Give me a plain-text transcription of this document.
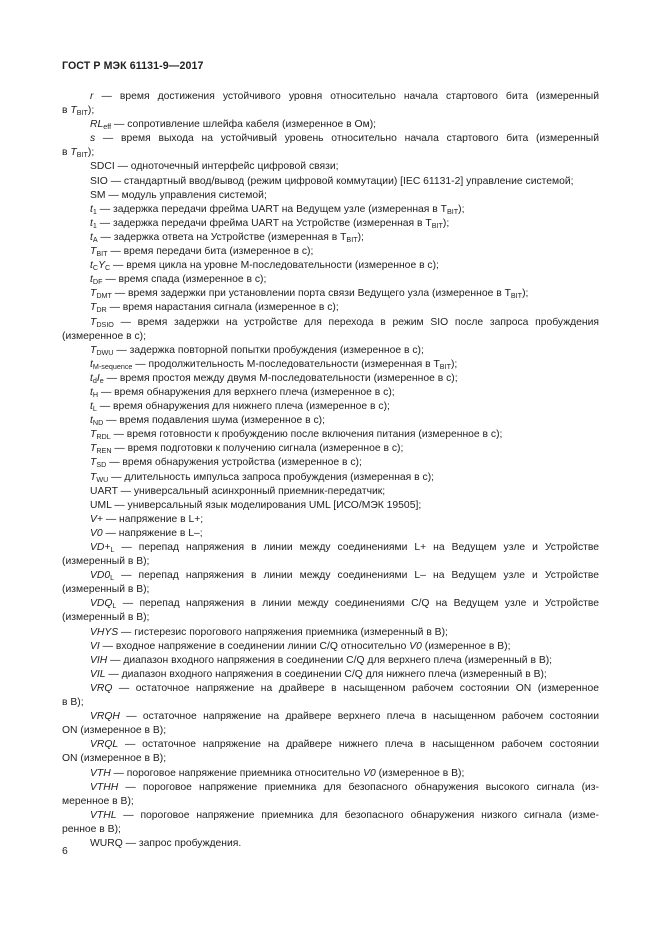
ГОСТ Р МЭК 61131-9—2017
r — время достижения устойчивого уровня относительно начала стартового бита (измеренный
в $T_{BIT}$);
$RL_{eff}$ — сопротивление шлейфа кабеля (измеренное в Ом);
s — время выхода на устойчивый уровень относительно начала стартового бита (измеренный
в $T_{BIT}$);
SDCI — одноточечный интерфейс цифровой связи;
SIO — стандартный ввод/вывод (режим цифровой коммутации) [IEC 61131-2] управление системой;
SM — модуль управления системой;
$t_1$ — задержка передачи фрейма UART на Ведущем узле (измеренная в $T_{BIT}$);
$t_1$ — задержка передачи фрейма UART на Устройстве (измеренная в $T_{BIT}$);
$t_A$ — задержка ответа на Устройстве (измеренная в $T_{BIT}$);
$T_{BIT}$ — время передачи бита (измеренное в с);
$t_CY_C$ — время цикла на уровне М-последовательности (измеренное в с);
$t_{DF}$ — время спада (измеренное в с);
$T_{DMT}$ — время задержки при установлении порта связи Ведущего узла (измеренное в $T_{BIT}$);
$T_{DR}$ — время нарастания сигнала (измеренное в с);
$T_{DSIO}$ — время задержки на устройстве для перехода в режим SIO после запроса пробуждения
(измеренное в с);
$T_{DWU}$ — задержка повторной попытки пробуждения (измеренное в с);
$t_{M-sequence}$ — продолжительность М-последовательности (измеренная в $T_{BIT}$);
$t_dI_e$ — время простоя между двумя М-последовательности (измеренное в с);
$t_H$ — время обнаружения для верхнего плеча (измеренное в с);
$t_L$ — время обнаружения для нижнего плеча (измеренное в с);
$t_{ND}$ — время подавления шума (измеренное в с);
$T_{RDL}$ — время готовности к пробуждению после включения питания (измеренное в с);
$T_{REN}$ — время подготовки к получению сигнала (измеренное в с);
$T_{SD}$ — время обнаружения устройства (измеренное в с);
$T_{WU}$ — длительность импульса запроса пробуждения (измеренная в с);
UART — универсальный асинхронный приемник-передатчик;
UML — универсальный язык моделирования UML [ИСО/МЭК 19505];
V+ — напряжение в L+;
V0 — напряжение в L–;
$VD+_L$ — перепад напряжения в линии между соединениями L+ на Ведущем узле и Устройстве
(измеренный в В);
$VD0_L$ — перепад напряжения в линии между соединениями L– на Ведущем узле и Устройстве
(измеренный в В);
$VDQ_L$ — перепад напряжения в линии между соединениями C/Q на Ведущем узле и Устройстве
(измеренный в В);
VHYS — гистерезис порогового напряжения приемника (измеренный в В);
VI — входное напряжение в соединении линии C/Q относительно V0 (измеренное в В);
VIH — диапазон входного напряжения в соединении C/Q для верхнего плеча (измеренный в В);
VIL — диапазон входного напряжения в соединении C/Q для нижнего плеча (измеренный в В);
VRQ — остаточное напряжение на драйвере в насыщенном рабочем состоянии ON (измеренное
в В);
VRQH — остаточное напряжение на драйвере верхнего плеча в насыщенном рабочем состоянии
ON (измеренное в В);
VRQL — остаточное напряжение на драйвере нижнего плеча в насыщенном рабочем состоянии
ON (измеренное в В);
VTH — пороговое напряжение приемника относительно V0 (измеренное в В);
VTHH — пороговое напряжение приемника для безопасного обнаружения высокого сигнала (из-
меренное в В);
VTHL — пороговое напряжение приемника для безопасного обнаружения низкого сигнала (изме-
ренное в В);
WURQ — запрос пробуждения.
6
